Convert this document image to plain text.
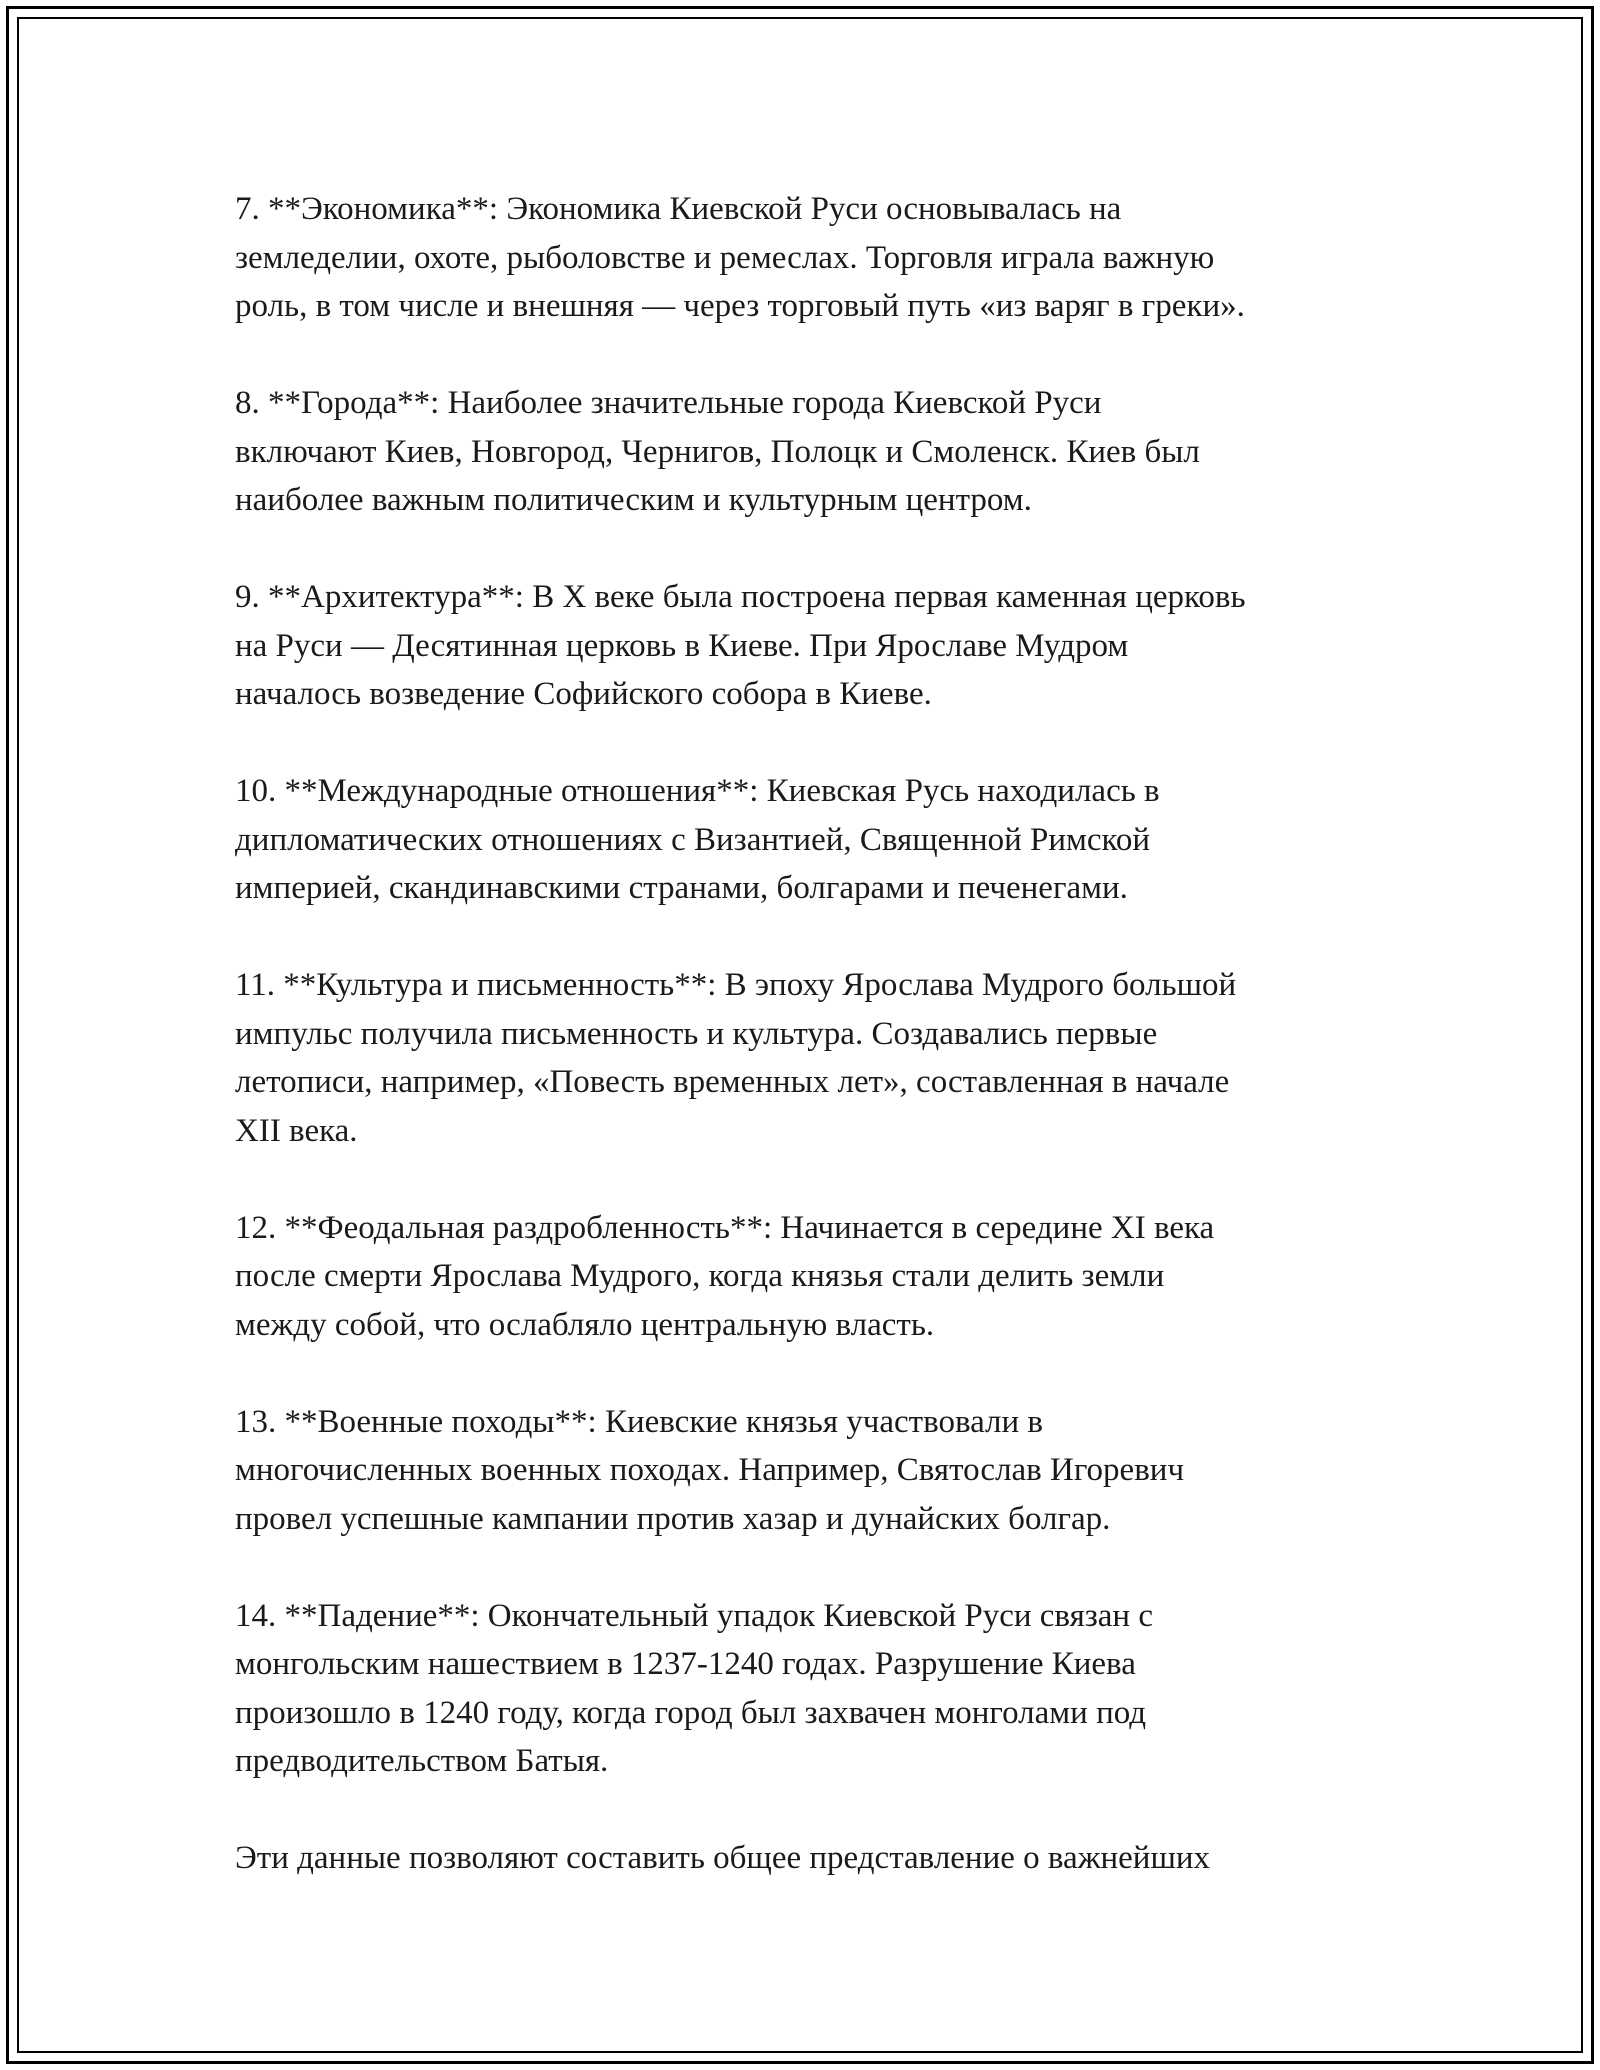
7. **Экономика**: Экономика Киевской Руси основывалась на
земледелии, охоте, рыболовстве и ремеслах. Торговля играла важную
роль, в том числе и внешняя — через торговый путь «из варяг в греки».

8. **Города**: Наиболее значительные города Киевской Руси
включают Киев, Новгород, Чернигов, Полоцк и Смоленск. Киев был
наиболее важным политическим и культурным центром.

9. **Архитектура**: В X веке была построена первая каменная церковь
на Руси — Десятинная церковь в Киеве. При Ярославе Мудром
началось возведение Софийского собора в Киеве.

10. **Международные отношения**: Киевская Русь находилась в
дипломатических отношениях с Византией, Священной Римской
империей, скандинавскими странами, болгарами и печенегами.

11. **Культура и письменность**: В эпоху Ярослава Мудрого большой
импульс получила письменность и культура. Создавались первые
летописи, например, «Повесть временных лет», составленная в начале
XII века.

12. **Феодальная раздробленность**: Начинается в середине XI века
после смерти Ярослава Мудрого, когда князья стали делить земли
между собой, что ослабляло центральную власть.

13. **Военные походы**: Киевские князья участвовали в
многочисленных военных походах. Например, Святослав Игоревич
провел успешные кампании против хазар и дунайских болгар.

14. **Падение**: Окончательный упадок Киевской Руси связан с
монгольским нашествием в 1237-1240 годах. Разрушение Киева
произошло в 1240 году, когда город был захвачен монголами под
предводительством Батыя.

Эти данные позволяют составить общее представление о важнейших
